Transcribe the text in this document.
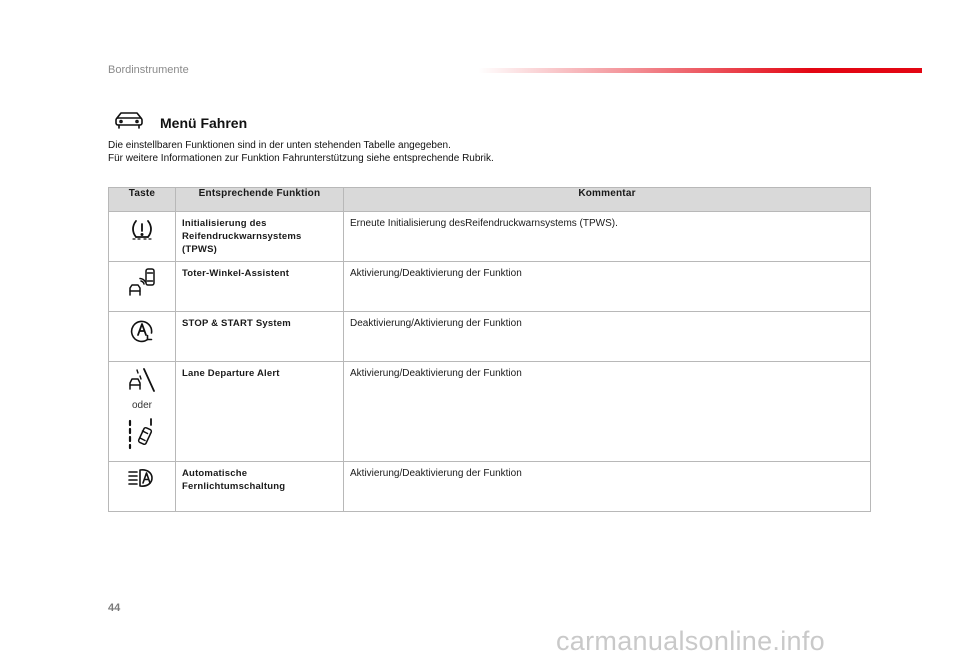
Bordinstrumente
Menü Fahren
Die einstellbaren Funktionen sind in der unten stehenden Tabelle angegeben.
Für weitere Informationen zur Funktion Fahrunterstützung siehe entsprechende Rubrik.
Taste	Entsprechende Funktion	Kommentar

	Initialisierung des Reifendruckwarnsystems (TPWS)	Erneute Initialisierung desReifendruckwarnsystems (TPWS).

	Toter-Winkel-Assistent	Aktivierung/Deaktivierung der Funktion

	STOP & START System	Deaktivierung/Aktivierung der Funktion

oder	Lane Departure Alert	Aktivierung/Deaktivierung der Funktion

	Automatische Fernlichtumschaltung	Aktivierung/Deaktivierung der Funktion
44
carmanualsonline.info
